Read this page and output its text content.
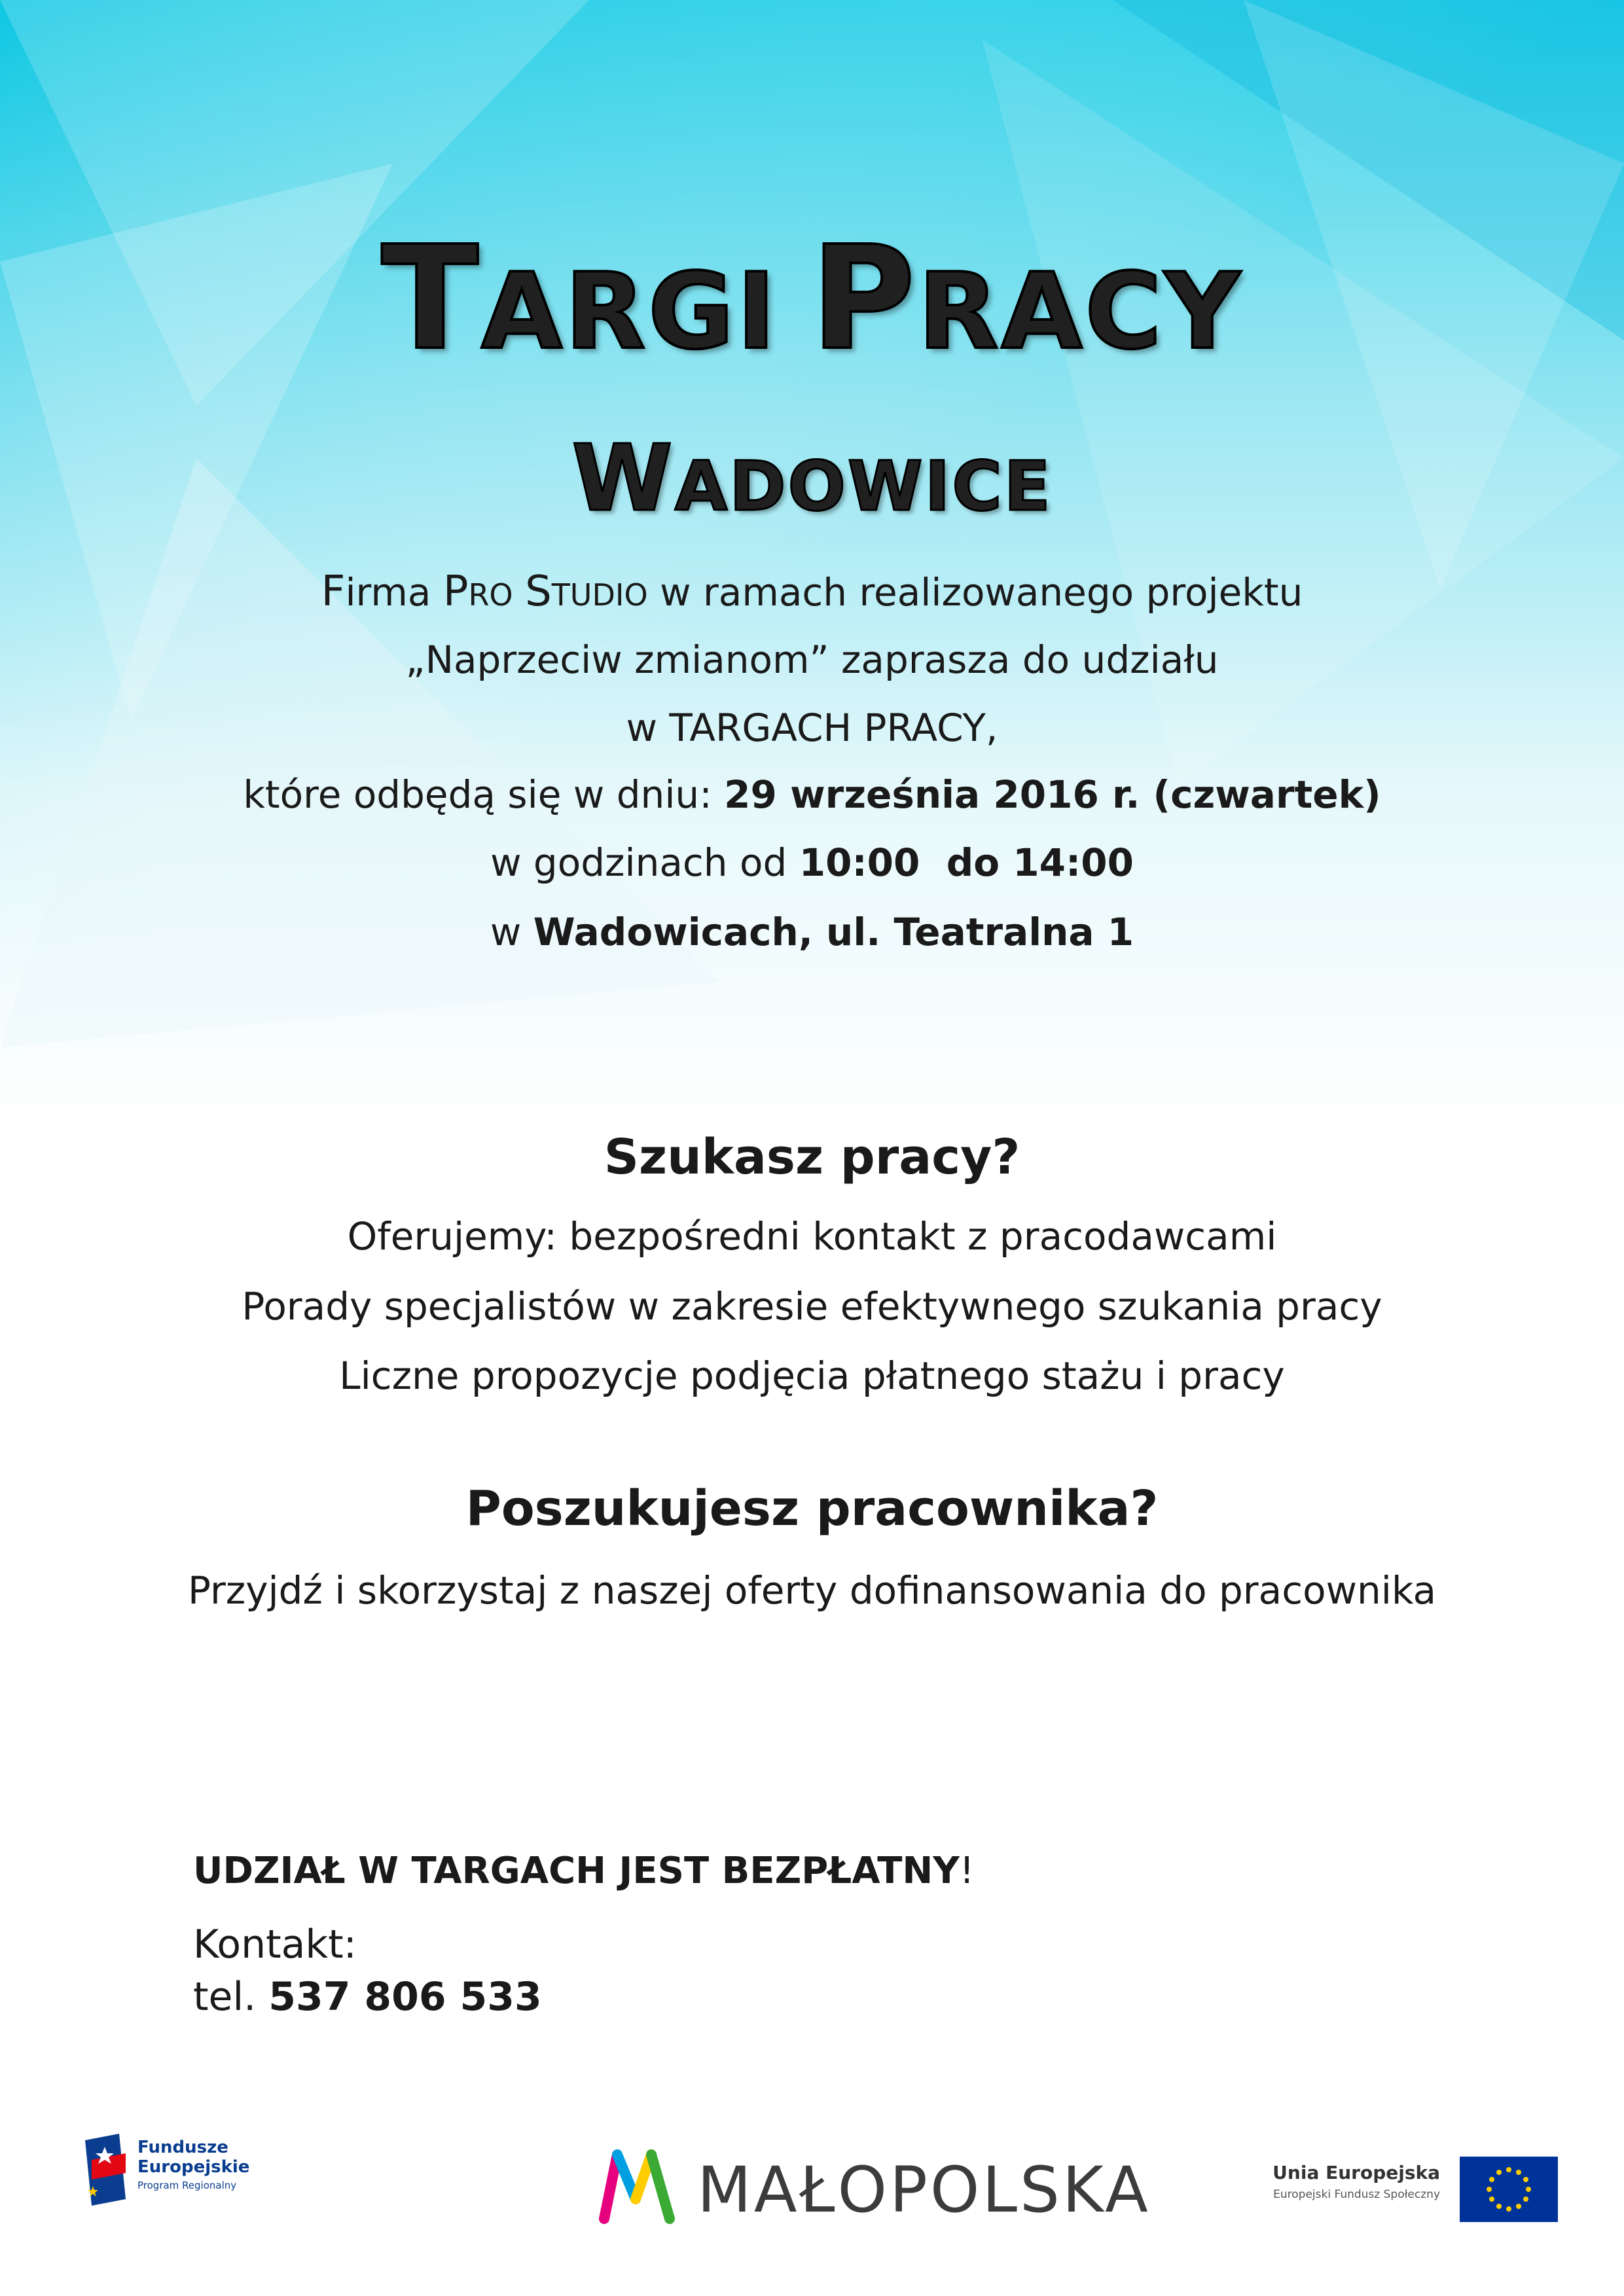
TARGI PRACY
WADOWICE
Firma PRO STUDIO w ramach realizowanego projektu
„Naprzeciw zmianom” zaprasza do udziału
w TARGACH PRACY,
które odbędą się w dniu: 29 września 2016 r. (czwartek)
w godzinach od 10:00  do 14:00
w Wadowicach, ul. Teatralna 1
Szukasz pracy?
Oferujemy: bezpośredni kontakt z pracodawcami
Porady specjalistów w zakresie efektywnego szukania pracy
Liczne propozycje podjęcia płatnego stażu i pracy
Poszukujesz pracownika?
Przyjdź i skorzystaj z naszej oferty dofinansowania do pracownika
UDZIAŁ W TARGACH JEST BEZPŁATNY!
Kontakt:
tel. 537 806 533
Fundusze
Europejskie
Program Regionalny	MAŁOPOLSKA	Unia Europejska
Europejski Fundusz Społeczny
